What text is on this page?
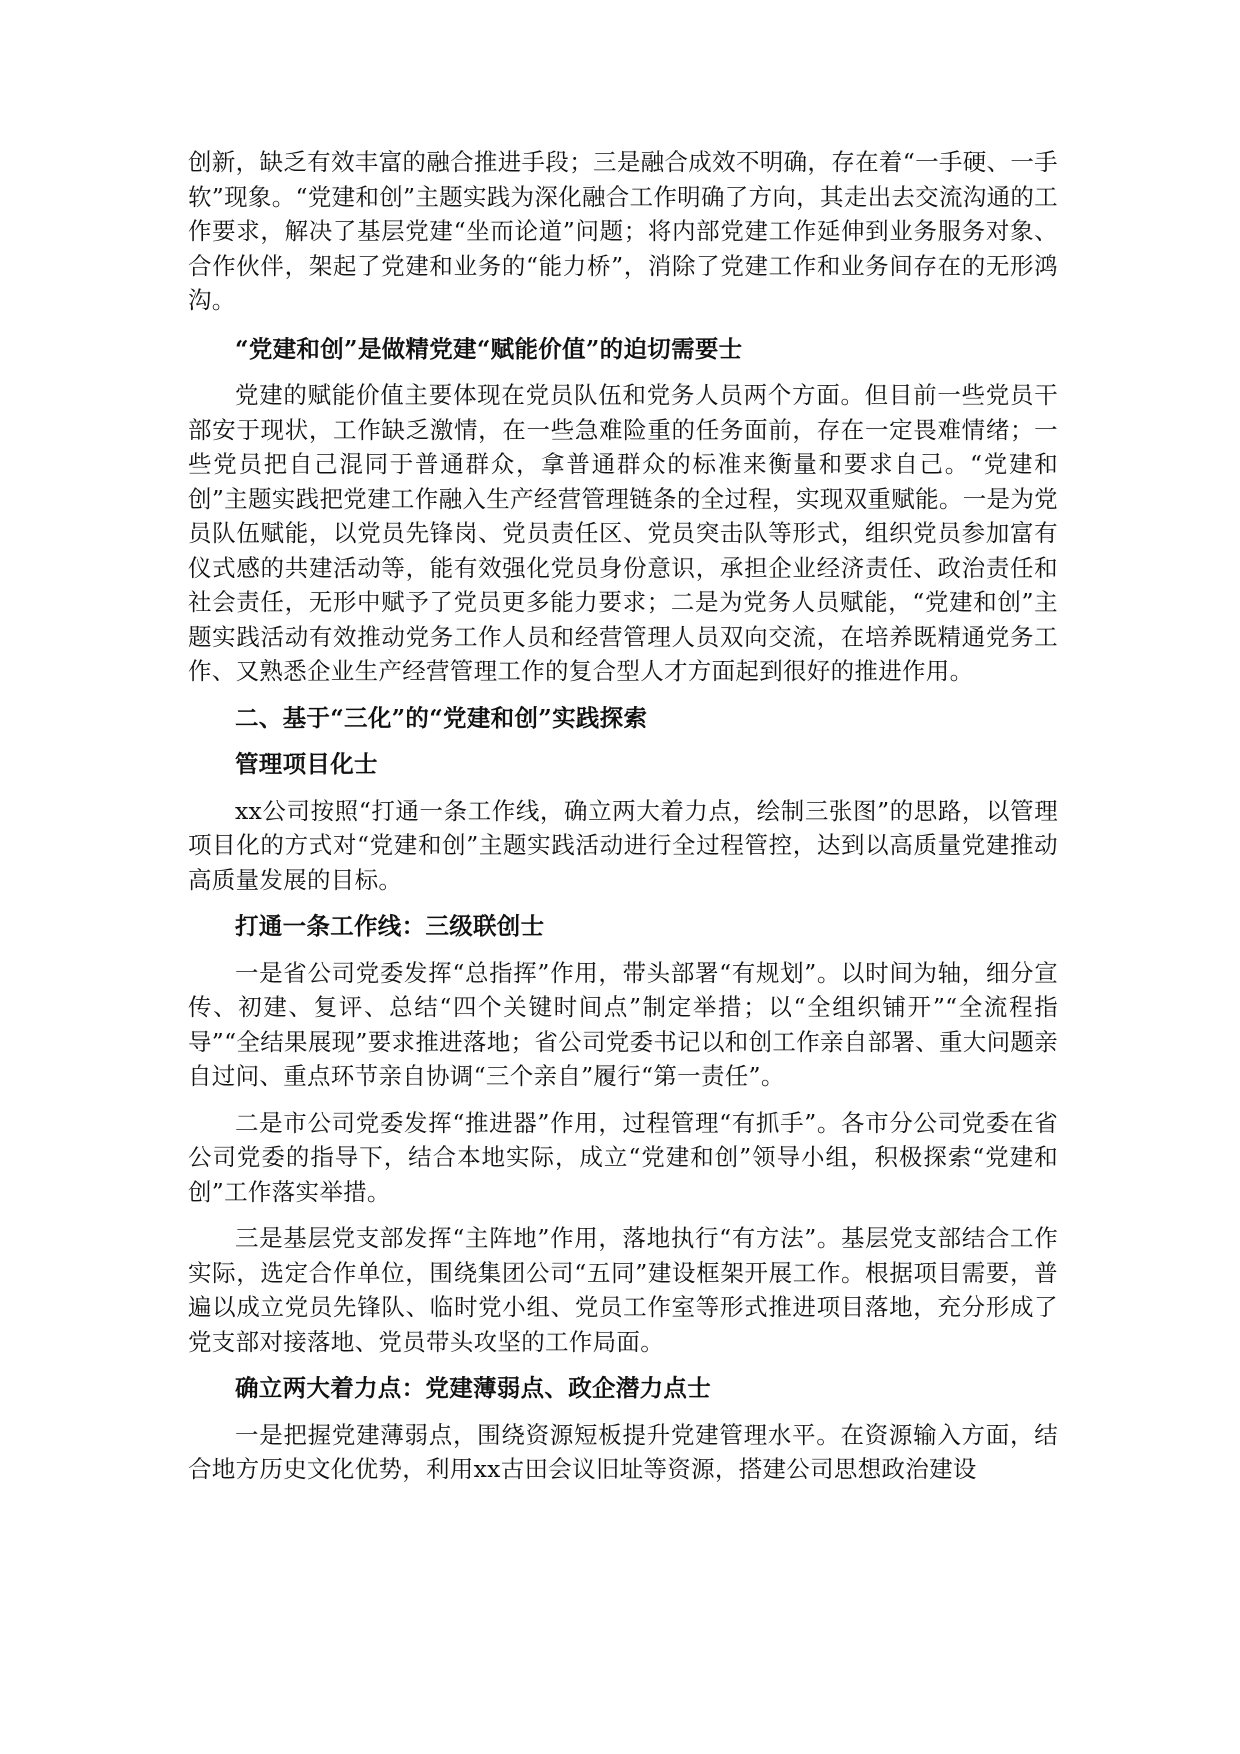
创新，缺乏有效丰富的融合推进手段；三是融合成效不明确，存在着“一手硬、一手软”现象。“党建和创”主题实践为深化融合工作明确了方向，其走出去交流沟通的工作要求，解决了基层党建“坐而论道”问题；将内部党建工作延伸到业务服务对象、合作伙伴，架起了党建和业务的“能力桥”，消除了党建工作和业务间存在的无形鸿沟。

“党建和创”是做精党建“赋能价值”的迫切需要士

党建的赋能价值主要体现在党员队伍和党务人员两个方面。但目前一些党员干部安于现状，工作缺乏激情，在一些急难险重的任务面前，存在一定畏难情绪；一些党员把自己混同于普通群众，拿普通群众的标准来衡量和要求自己。“党建和创”主题实践把党建工作融入生产经营管理链条的全过程，实现双重赋能。一是为党员队伍赋能，以党员先锋岗、党员责任区、党员突击队等形式，组织党员参加富有仪式感的共建活动等，能有效强化党员身份意识，承担企业经济责任、政治责任和社会责任，无形中赋予了党员更多能力要求；二是为党务人员赋能，“党建和创”主题实践活动有效推动党务工作人员和经营管理人员双向交流，在培养既精通党务工作、又熟悉企业生产经营管理工作的复合型人才方面起到很好的推进作用。

二、基于“三化”的“党建和创”实践探索

管理项目化士

xx公司按照“打通一条工作线，确立两大着力点，绘制三张图”的思路，以管理项目化的方式对“党建和创”主题实践活动进行全过程管控，达到以高质量党建推动高质量发展的目标。

打通一条工作线：三级联创士

一是省公司党委发挥“总指挥”作用，带头部署“有规划”。以时间为轴，细分宣传、初建、复评、总结“四个关键时间点”制定举措；以“全组织铺开”“全流程指导”“全结果展现”要求推进落地；省公司党委书记以和创工作亲自部署、重大问题亲自过问、重点环节亲自协调“三个亲自”履行“第一责任”。

二是市公司党委发挥“推进器”作用，过程管理“有抓手”。各市分公司党委在省公司党委的指导下，结合本地实际，成立“党建和创”领导小组，积极探索“党建和创”工作落实举措。

三是基层党支部发挥“主阵地”作用，落地执行“有方法”。基层党支部结合工作实际，选定合作单位，围绕集团公司“五同”建设框架开展工作。根据项目需要，普遍以成立党员先锋队、临时党小组、党员工作室等形式推进项目落地，充分形成了党支部对接落地、党员带头攻坚的工作局面。

确立两大着力点：党建薄弱点、政企潜力点士

一是把握党建薄弱点，围绕资源短板提升党建管理水平。在资源输入方面，结合地方历史文化优势，利用xx古田会议旧址等资源，搭建公司思想政治建设
